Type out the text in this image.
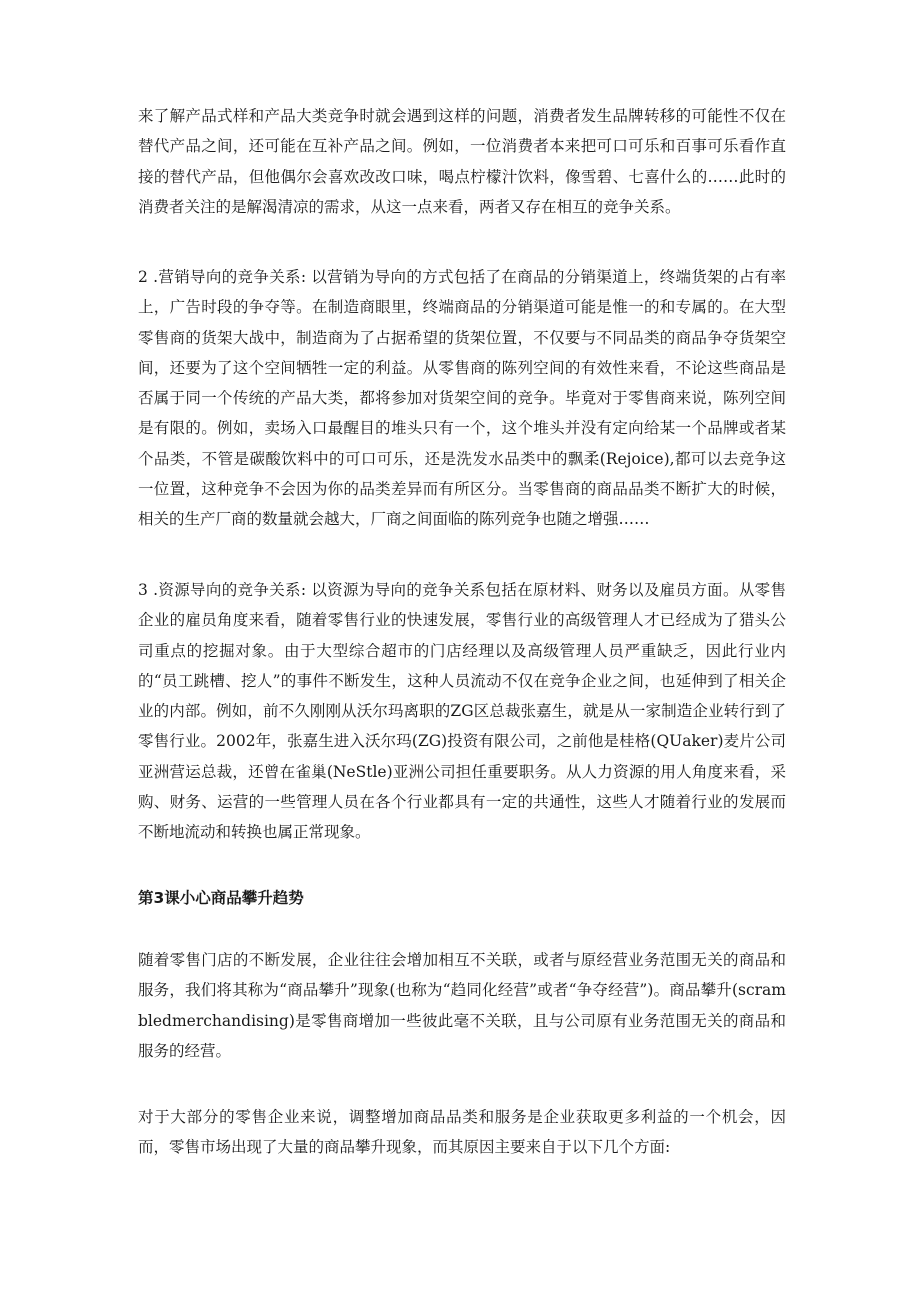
来了解产品式样和产品大类竞争时就会遇到这样的问题，消费者发生品牌转移的可能性不仅在替代产品之间，还可能在互补产品之间。例如，一位消费者本来把可口可乐和百事可乐看作直接的替代产品，但他偶尔会喜欢改改口味，喝点柠檬汁饮料，像雪碧、七喜什么的……此时的消费者关注的是解渴清凉的需求，从这一点来看，两者又存在相互的竞争关系。

2 .营销导向的竞争关系: 以营销为导向的方式包括了在商品的分销渠道上，终端货架的占有率上，广告时段的争夺等。在制造商眼里，终端商品的分销渠道可能是惟一的和专属的。在大型零售商的货架大战中，制造商为了占据希望的货架位置，不仅要与不同品类的商品争夺货架空间，还要为了这个空间牺牲一定的利益。从零售商的陈列空间的有效性来看，不论这些商品是否属于同一个传统的产品大类，都将参加对货架空间的竞争。毕竟对于零售商来说，陈列空间是有限的。例如，卖场入口最醒目的堆头只有一个，这个堆头并没有定向给某一个品牌或者某个品类，不管是碳酸饮料中的可口可乐，还是洗发水品类中的飘柔(Rejoice),都可以去竞争这一位置，这种竞争不会因为你的品类差异而有所区分。当零售商的商品品类不断扩大的时候，相关的生产厂商的数量就会越大，厂商之间面临的陈列竞争也随之增强……

3 .资源导向的竞争关系: 以资源为导向的竞争关系包括在原材料、财务以及雇员方面。从零售企业的雇员角度来看，随着零售行业的快速发展，零售行业的高级管理人才已经成为了猎头公司重点的挖掘对象。由于大型综合超市的门店经理以及高级管理人员严重缺乏，因此行业内的“员工跳槽、挖人”的事件不断发生，这种人员流动不仅在竞争企业之间，也延伸到了相关企业的内部。例如，前不久刚刚从沃尔玛离职的ZG区总裁张嘉生，就是从一家制造企业转行到了零售行业。2002年，张嘉生进入沃尔玛(ZG)投资有限公司，之前他是桂格(QUaker)麦片公司亚洲营运总裁，还曾在雀巢(NeStle)亚洲公司担任重要职务。从人力资源的用人角度来看，采购、财务、运营的一些管理人员在各个行业都具有一定的共通性，这些人才随着行业的发展而不断地流动和转换也属正常现象。

第3课小心商品攀升趋势

随着零售门店的不断发展，企业往往会增加相互不关联，或者与原经营业务范围无关的商品和服务，我们将其称为“商品攀升”现象(也称为“趋同化经营”或者“争夺经营”)。商品攀升(scrambledmerchandising)是零售商增加一些彼此毫不关联，且与公司原有业务范围无关的商品和服务的经营。

对于大部分的零售企业来说，调整增加商品品类和服务是企业获取更多利益的一个机会，因而，零售市场出现了大量的商品攀升现象，而其原因主要来自于以下几个方面:
